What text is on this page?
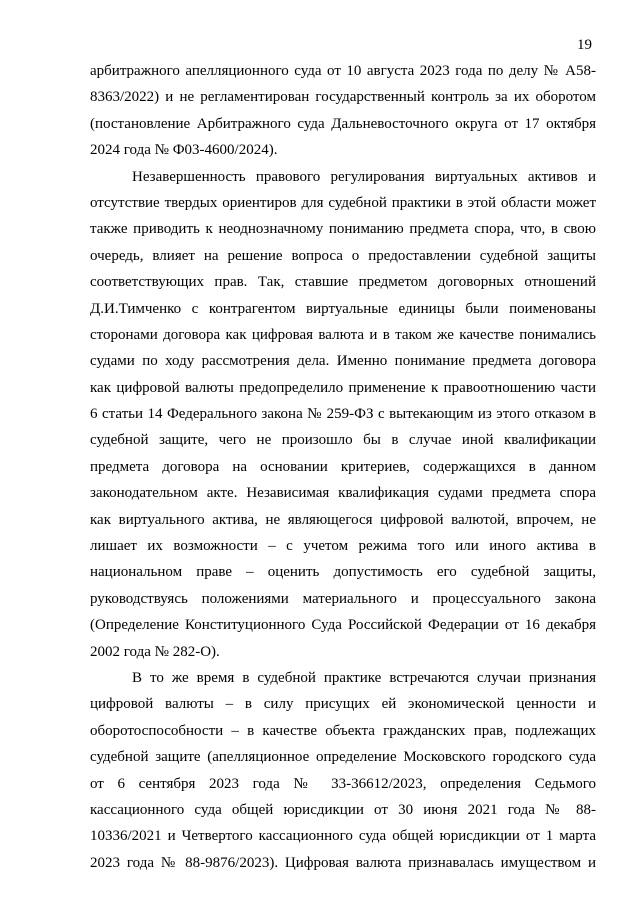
19
арбитражного апелляционного суда от 10 августа 2023 года по делу № А58-
8363/2022) и не регламентирован государственный контроль за их оборотом
(постановление Арбитражного суда Дальневосточного округа от 17 октября
2024 года № Ф03-4600/2024).
Незавершенность правового регулирования виртуальных активов и
отсутствие твердых ориентиров для судебной практики в этой области может
также приводить к неоднозначному пониманию предмета спора, что, в свою
очередь, влияет на решение вопроса о предоставлении судебной защиты
соответствующих прав. Так, ставшие предметом договорных отношений
Д.И.Тимченко с контрагентом виртуальные единицы были поименованы
сторонами договора как цифровая валюта и в таком же качестве понимались
судами по ходу рассмотрения дела. Именно понимание предмета договора
как цифровой валюты предопределило применение к правоотношению части
6 статьи 14 Федерального закона № 259-ФЗ с вытекающим из этого отказом в
судебной защите, чего не произошло бы в случае иной квалификации
предмета договора на основании критериев, содержащихся в данном
законодательном акте. Независимая квалификация судами предмета спора
как виртуального актива, не являющегося цифровой валютой, впрочем, не
лишает их возможности – с учетом режима того или иного актива в
национальном праве – оценить допустимость его судебной защиты,
руководствуясь положениями материального и процессуального закона
(Определение Конституционного Суда Российской Федерации от 16 декабря
2002 года № 282-О).
В то же время в судебной практике встречаются случаи признания
цифровой валюты – в силу присущих ей экономической ценности и
оборотоспособности – в качестве объекта гражданских прав, подлежащих
судебной защите (апелляционное определение Московского городского суда
от 6 сентября 2023 года № 33-36612/2023, определения Седьмого
кассационного суда общей юрисдикции от 30 июня 2021 года № 88-
10336/2021 и Четвертого кассационного суда общей юрисдикции от 1 марта
2023 года № 88-9876/2023). Цифровая валюта признавалась имуществом и
